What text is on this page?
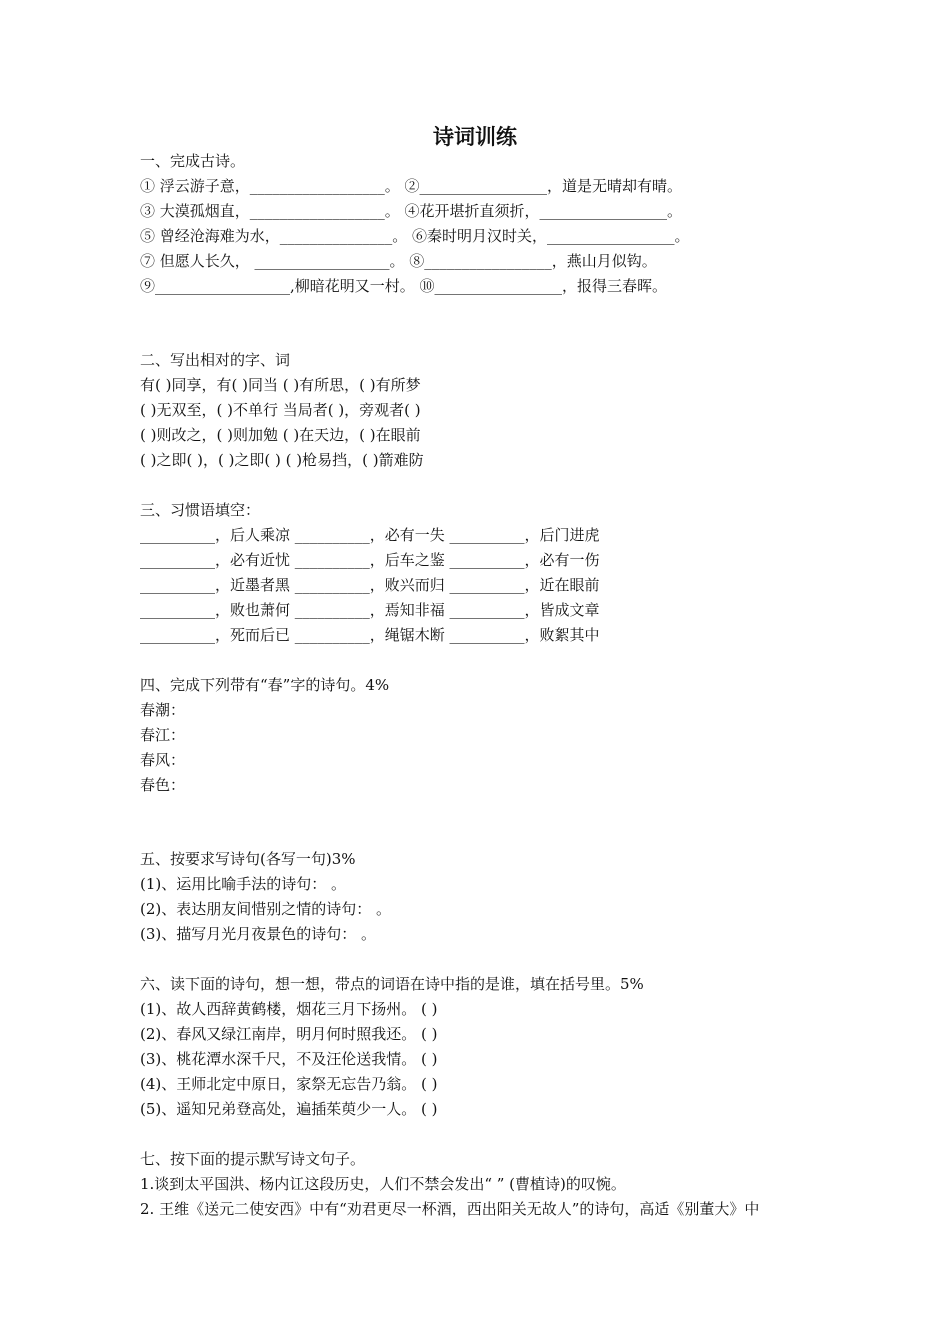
诗词训练
一、完成古诗。
① 浮云游子意，__________________。 ②_________________，道是无晴却有晴。
③ 大漠孤烟直，__________________。 ④花开堪折直须折，_________________。
⑤ 曾经沧海难为水，_______________。 ⑥秦时明月汉时关，_________________。
⑦ 但愿人长久， __________________。 ⑧_________________，燕山月似钩。
⑨__________________,柳暗花明又一村。 ⑩_________________，报得三春晖。
二、写出相对的字、词
有( )同享，有( )同当 ( )有所思，( )有所梦
( )无双至，( )不单行 当局者( )，旁观者( )
( )则改之，( )则加勉 ( )在天边，( )在眼前
( )之即( )，( )之即( ) ( )枪易挡，( )箭难防
三、习惯语填空：
__________，后人乘凉 __________，必有一失 __________，后门进虎
__________，必有近忧 __________，后车之鉴 __________，必有一伤
__________，近墨者黑 __________，败兴而归 __________，近在眼前
__________，败也萧何 __________，焉知非福 __________，皆成文章
__________，死而后已 __________，绳锯木断 __________，败絮其中
四、完成下列带有“春”字的诗句。4%
春潮：
春江：
春风：
春色：
五、按要求写诗句(各写一句)3%
(1)、运用比喻手法的诗句： 。
(2)、表达朋友间惜别之情的诗句： 。
(3)、描写月光月夜景色的诗句： 。
六、读下面的诗句，想一想，带点的词语在诗中指的是谁，填在括号里。5%
(1)、故人西辞黄鹤楼，烟花三月下扬州。 ( )
(2)、春风又绿江南岸，明月何时照我还。 ( )
(3)、桃花潭水深千尺，不及汪伦送我情。 ( )
(4)、王师北定中原日，家祭无忘告乃翁。 ( )
(5)、遥知兄弟登高处，遍插茱萸少一人。 ( )
七、按下面的提示默写诗文句子。
1.谈到太平国洪、杨内讧这段历史，人们不禁会发出“ ” (曹植诗)的叹惋。
2. 王维《送元二使安西》中有“劝君更尽一杯酒，西出阳关无故人”的诗句，高适《别董大》中
